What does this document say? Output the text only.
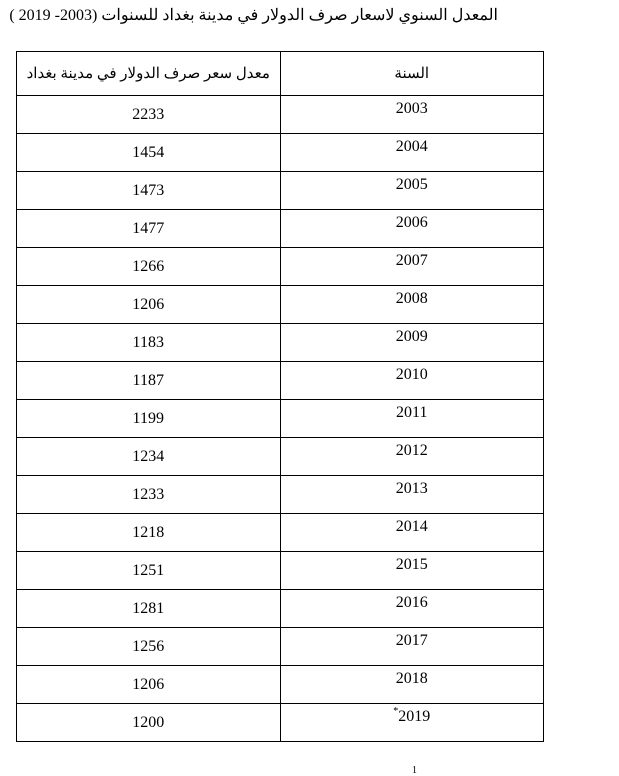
المعدل السنوي لاسعار صرف الدولار في مدينة بغداد للسنوات (2003- 2019 )
معدل سعر صرف الدولار في مدينة بغداد	السنة
2233	2003
1454	2004
1473	2005
1477	2006
1266	2007
1206	2008
1183	2009
1187	2010
1199	2011
1234	2012
1233	2013
1218	2014
1251	2015
1281	2016
1256	2017
1206	2018
1200	*2019
1
